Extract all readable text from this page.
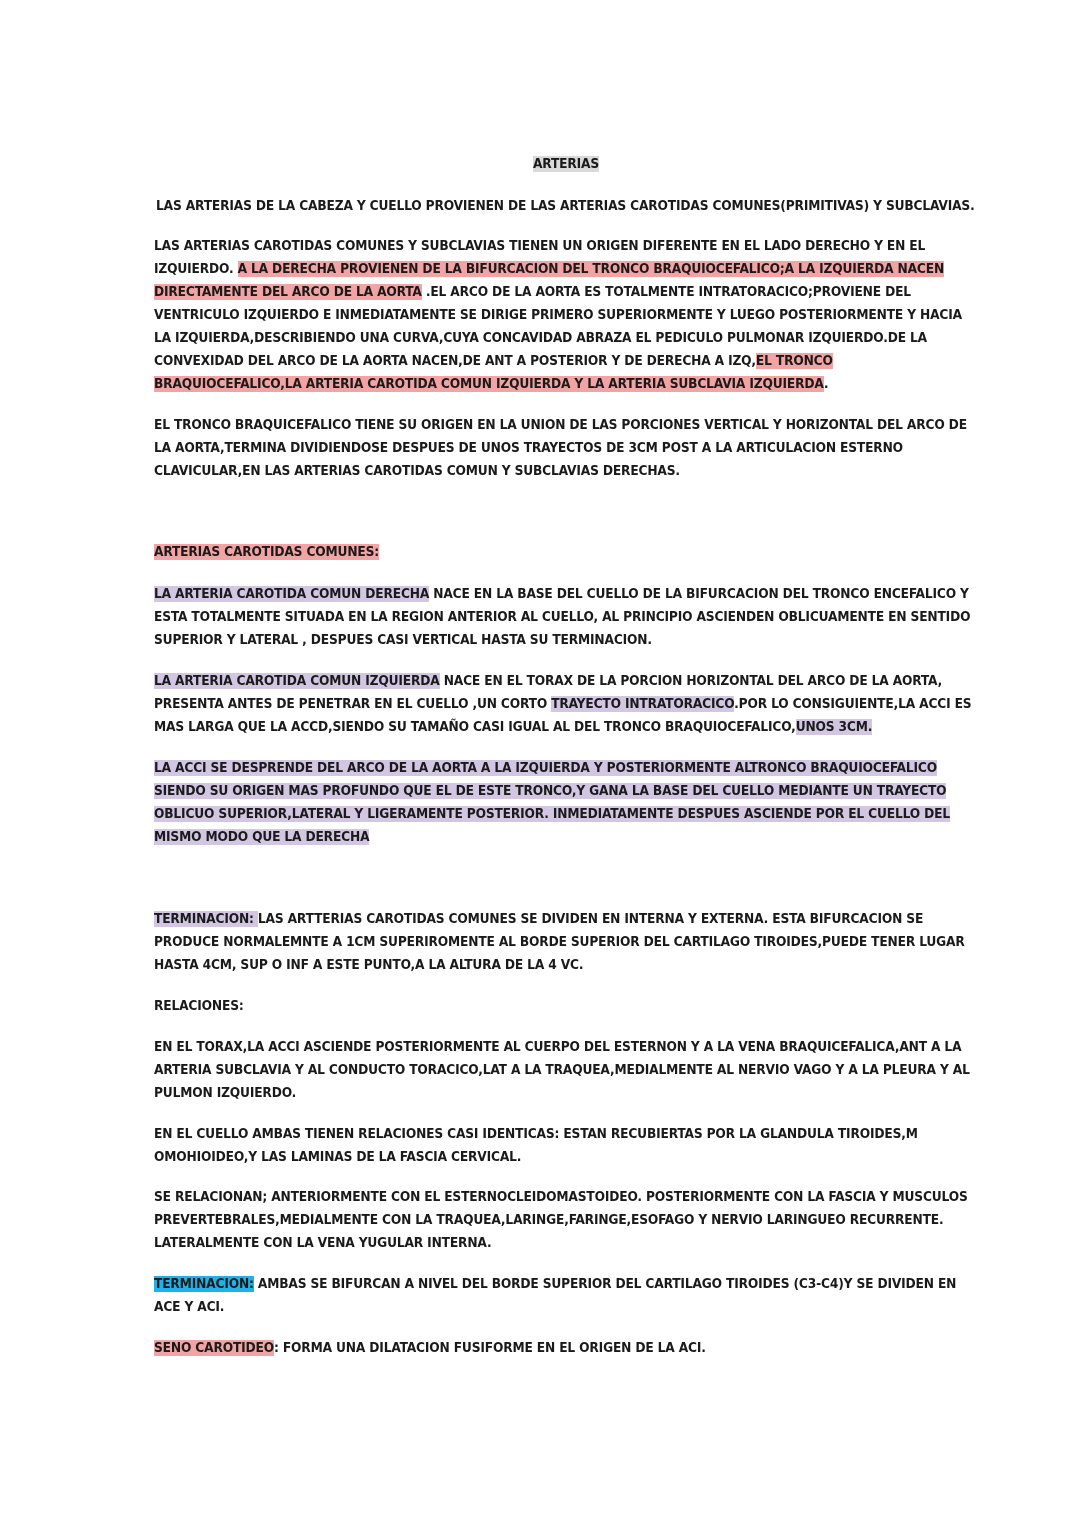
ARTERIAS
LAS ARTERIAS DE LA CABEZA Y CUELLO PROVIENEN DE LAS ARTERIAS CAROTIDAS COMUNES(PRIMITIVAS) Y SUBCLAVIAS.
LAS ARTERIAS CAROTIDAS COMUNES Y SUBCLAVIAS TIENEN UN ORIGEN DIFERENTE EN EL LADO DERECHO Y EN EL IZQUIERDO. A LA DERECHA PROVIENEN DE LA BIFURCACION DEL TRONCO BRAQUIOCEFALICO;A LA IZQUIERDA NACEN DIRECTAMENTE DEL ARCO DE LA AORTA .EL ARCO DE LA AORTA ES TOTALMENTE INTRATORACICO;PROVIENE DEL VENTRICULO IZQUIERDO E INMEDIATAMENTE SE DIRIGE PRIMERO SUPERIORMENTE Y LUEGO POSTERIORMENTE Y HACIA LA IZQUIERDA,DESCRIBIENDO UNA CURVA,CUYA CONCAVIDAD ABRAZA EL PEDICULO PULMONAR IZQUIERDO.DE LA CONVEXIDAD DEL ARCO DE LA AORTA NACEN,DE ANT A POSTERIOR Y DE DERECHA A IZQ,EL TRONCO BRAQUIOCEFALICO,LA ARTERIA CAROTIDA COMUN IZQUIERDA Y LA ARTERIA SUBCLAVIA IZQUIERDA.
EL TRONCO BRAQUICEFALICO TIENE SU ORIGEN EN LA UNION DE LAS PORCIONES VERTICAL Y HORIZONTAL DEL ARCO DE LA AORTA,TERMINA DIVIDIENDOSE DESPUES DE UNOS TRAYECTOS DE 3CM POST A LA ARTICULACION ESTERNO CLAVICULAR,EN LAS ARTERIAS CAROTIDAS COMUN Y SUBCLAVIAS DERECHAS.
ARTERIAS CAROTIDAS COMUNES:
LA ARTERIA CAROTIDA COMUN DERECHA NACE EN LA BASE DEL CUELLO DE LA BIFURCACION DEL TRONCO ENCEFALICO Y ESTA TOTALMENTE SITUADA EN LA REGION ANTERIOR AL CUELLO, AL PRINCIPIO ASCIENDEN OBLICUAMENTE EN SENTIDO SUPERIOR Y LATERAL , DESPUES CASI VERTICAL HASTA SU TERMINACION.
LA ARTERIA CAROTIDA COMUN IZQUIERDA NACE EN EL TORAX DE LA PORCION HORIZONTAL DEL ARCO DE LA AORTA, PRESENTA ANTES DE PENETRAR EN EL CUELLO ,UN CORTO TRAYECTO INTRATORACICO.POR LO CONSIGUIENTE,LA ACCI ES MAS LARGA QUE LA ACCD,SIENDO SU TAMAÑO CASI IGUAL AL DEL TRONCO BRAQUIOCEFALICO,UNOS 3CM.
LA ACCI SE DESPRENDE DEL ARCO DE LA AORTA A LA IZQUIERDA Y POSTERIORMENTE ALTRONCO BRAQUIOCEFALICO SIENDO SU ORIGEN MAS PROFUNDO QUE EL DE ESTE TRONCO,Y GANA LA BASE DEL CUELLO MEDIANTE UN TRAYECTO OBLICUO SUPERIOR,LATERAL Y LIGERAMENTE POSTERIOR. INMEDIATAMENTE DESPUES ASCIENDE POR EL CUELLO DEL MISMO MODO QUE LA DERECHA
TERMINACION: LAS ARTTERIAS CAROTIDAS COMUNES SE DIVIDEN EN INTERNA Y EXTERNA. ESTA BIFURCACION SE PRODUCE NORMALEMNTE A 1CM SUPERIROMENTE AL BORDE SUPERIOR DEL CARTILAGO TIROIDES,PUEDE TENER LUGAR HASTA 4CM, SUP O INF A ESTE PUNTO,A LA ALTURA DE LA 4 VC.
RELACIONES:
EN EL TORAX,LA ACCI ASCIENDE POSTERIORMENTE AL CUERPO DEL ESTERNON Y A LA VENA BRAQUICEFALICA,ANT A LA ARTERIA SUBCLAVIA Y AL CONDUCTO TORACICO,LAT A LA TRAQUEA,MEDIALMENTE AL NERVIO VAGO Y A LA PLEURA Y AL PULMON IZQUIERDO.
EN EL CUELLO AMBAS TIENEN RELACIONES CASI IDENTICAS: ESTAN RECUBIERTAS POR LA GLANDULA TIROIDES,M OMOHIOIDEO,Y LAS LAMINAS DE LA FASCIA CERVICAL.
SE RELACIONAN; ANTERIORMENTE CON EL ESTERNOCLEIDOMASTOIDEO. POSTERIORMENTE CON LA FASCIA Y MUSCULOS PREVERTEBRALES,MEDIALMENTE CON LA TRAQUEA,LARINGE,FARINGE,ESOFAGO Y NERVIO LARINGUEO RECURRENTE. LATERALMENTE CON LA VENA YUGULAR INTERNA.
TERMINACION: AMBAS SE BIFURCAN A NIVEL DEL BORDE SUPERIOR DEL CARTILAGO TIROIDES (C3-C4)Y SE DIVIDEN EN ACE Y ACI.
SENO CAROTIDEO: FORMA UNA DILATACION FUSIFORME EN EL ORIGEN DE LA ACI.
